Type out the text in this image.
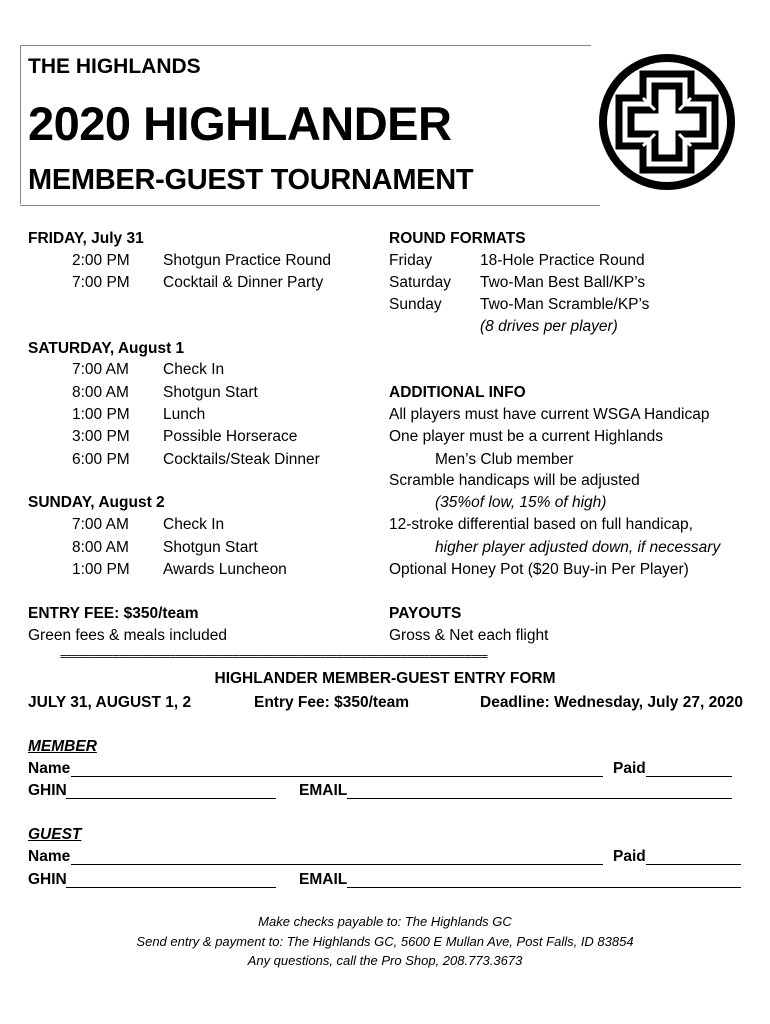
THE HIGHLANDS
2020 HIGHLANDER
MEMBER-GUEST TOURNAMENT
FRIDAY, July 31
2:00 PM Shotgun Practice Round
7:00 PM Cocktail & Dinner Party
SATURDAY, August 1
7:00 AM Check In
8:00 AM Shotgun Start
1:00 PM Lunch
3:00 PM Possible Horserace
6:00 PM Cocktails/Steak Dinner
SUNDAY, August 2
7:00 AM Check In
8:00 AM Shotgun Start
1:00 PM Awards Luncheon
ROUND FORMATS
Friday	18-Hole Practice Round
Saturday Two-Man Best Ball/KP’s
Sunday Two-Man Scramble/KP’s
(8 drives per player)
ADDITIONAL INFO
All players must have current WSGA Handicap
One player must be a current Highlands
Men’s Club member
Scramble handicaps will be adjusted
(35%of low, 15% of high)
12-stroke differential based on full handicap,
higher player adjusted down, if necessary
Optional Honey Pot ($20 Buy-in Per Player)
ENTRY FEE: $350/team
Green fees & meals included
PAYOUTS
Gross & Net each flight
==========================================================================
HIGHLANDER MEMBER-GUEST ENTRY FORM
JULY 31, AUGUST 1, 2	Entry Fee: $350/team	Deadline: Wednesday, July 27, 2020
MEMBER
Name	Paid
GHIN	EMAIL
GUEST
Name	Paid
GHIN	EMAIL
Make checks payable to: The Highlands GC
Send entry & payment to: The Highlands GC, 5600 E Mullan Ave, Post Falls, ID 83854
Any questions, call the Pro Shop, 208.773.3673
